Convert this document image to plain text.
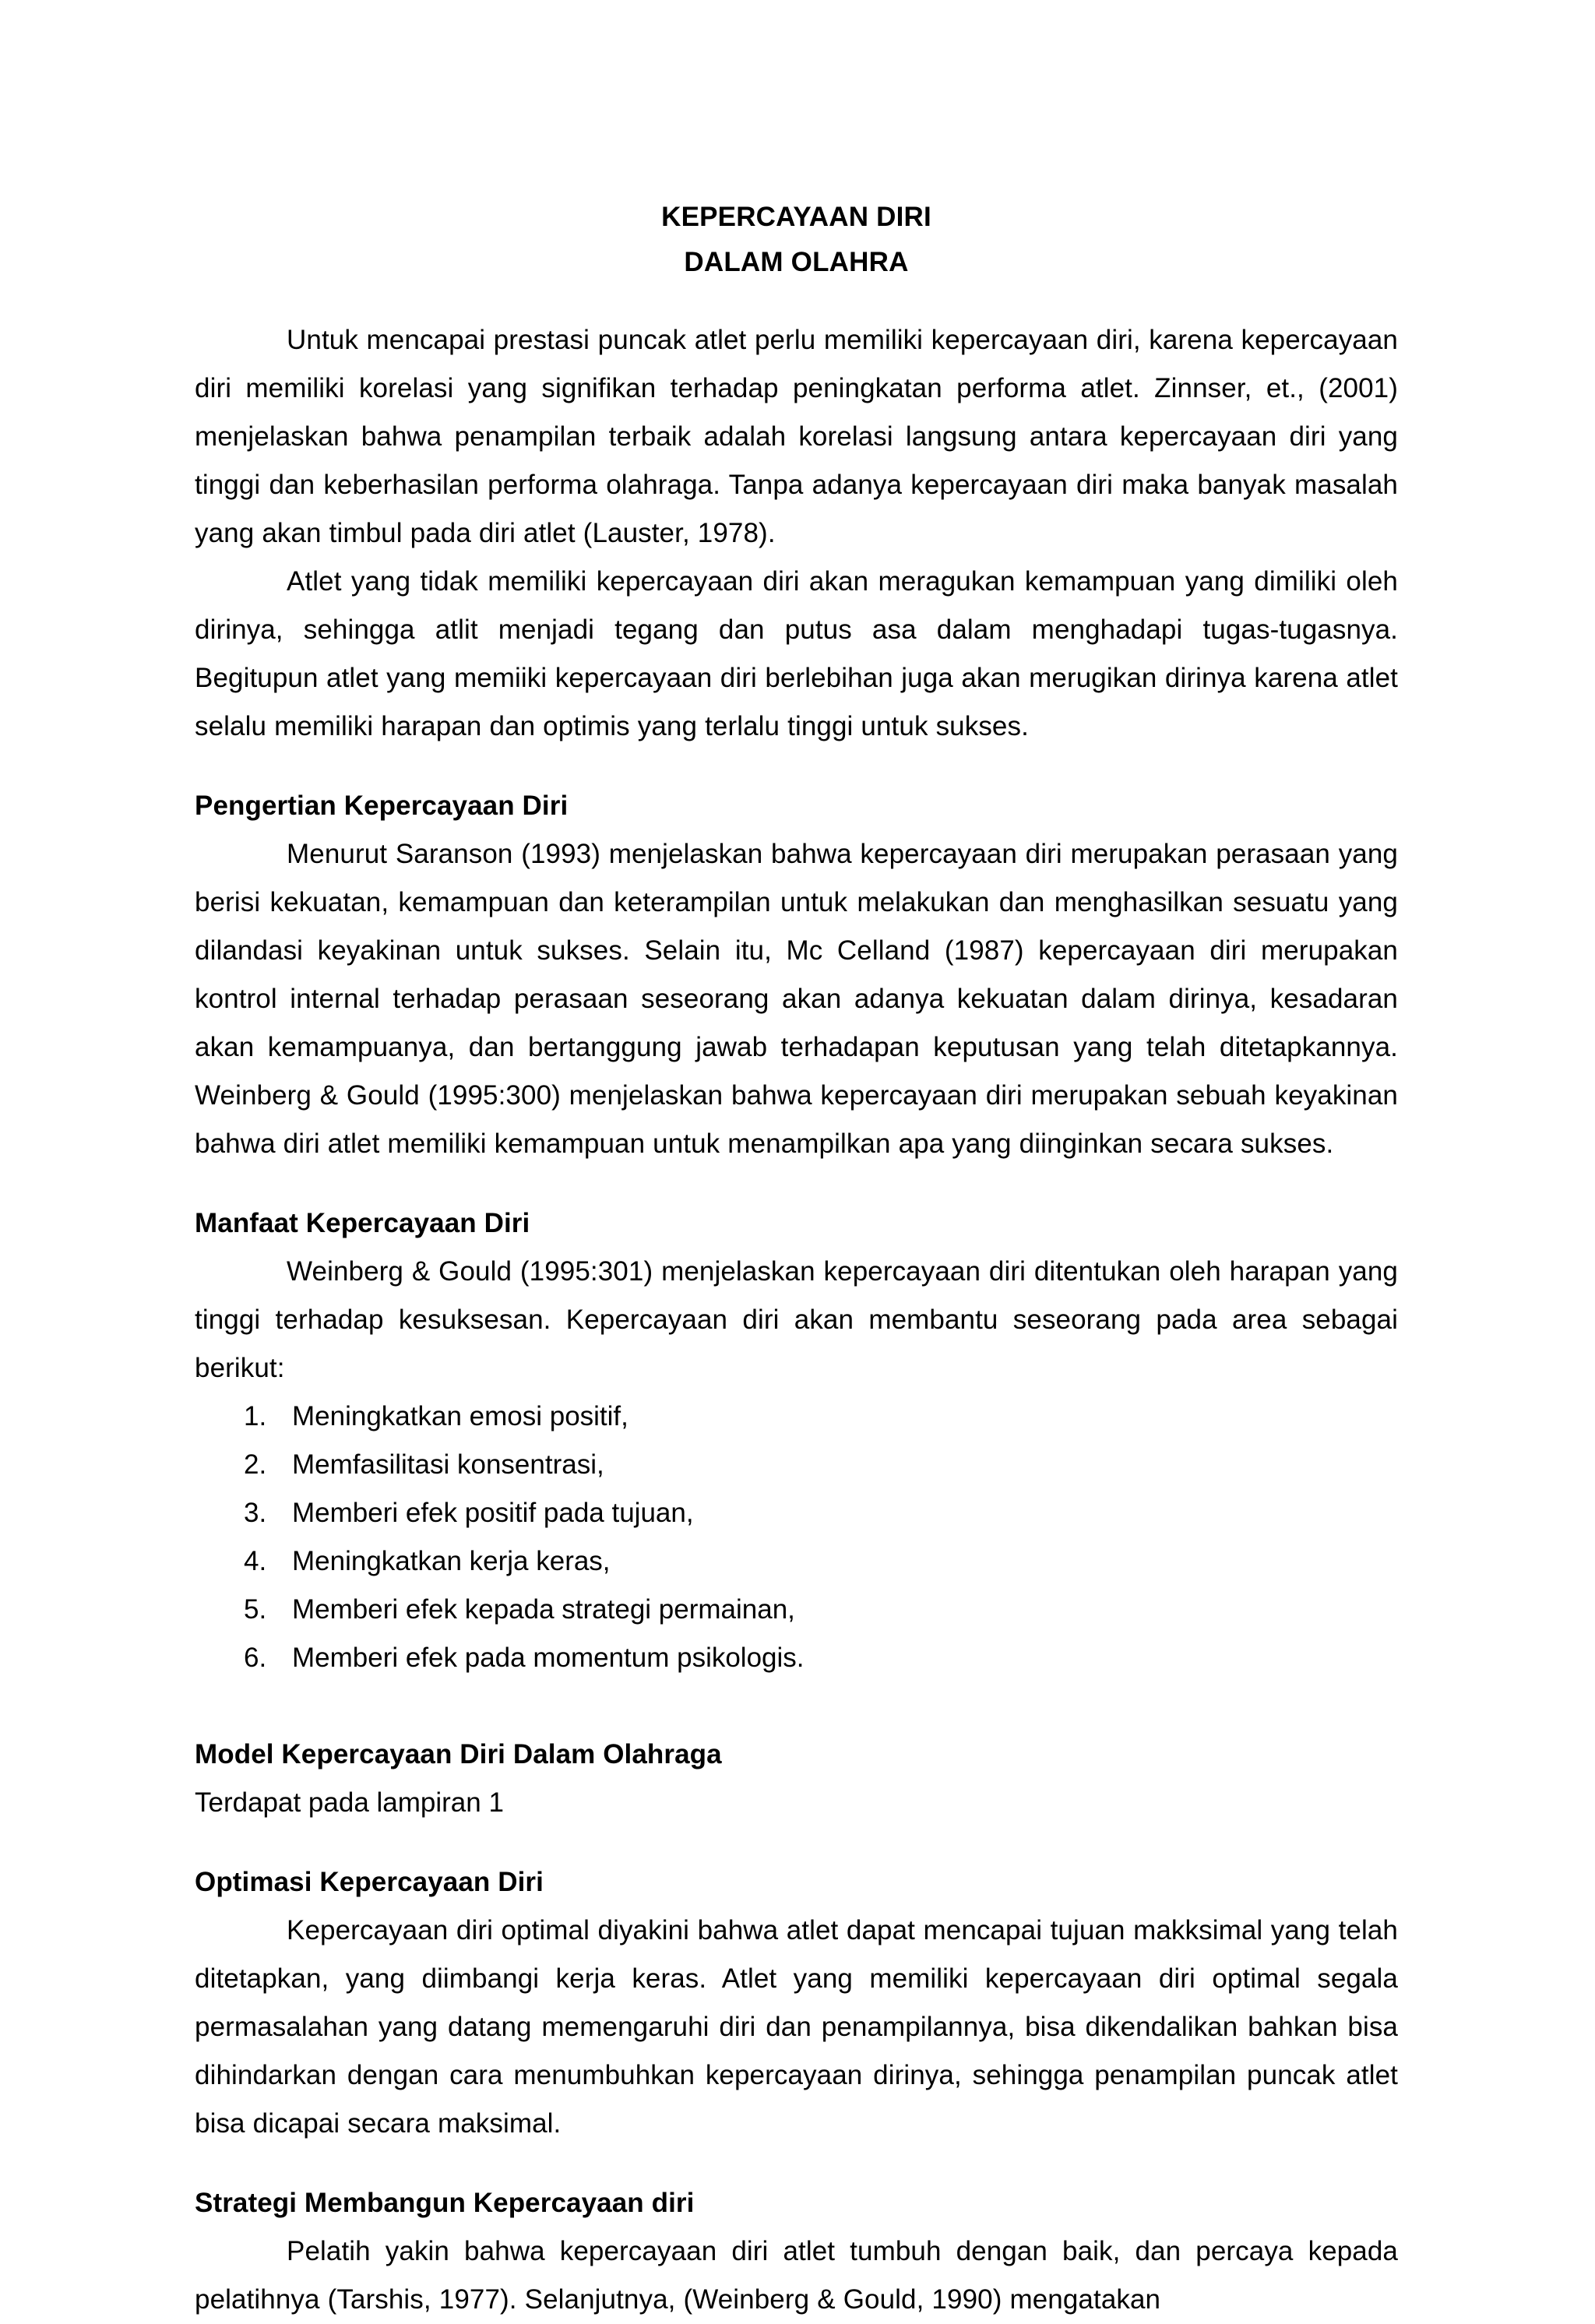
KEPERCAYAAN DIRI
DALAM OLAHRA

Untuk mencapai prestasi puncak atlet perlu memiliki kepercayaan diri, karena kepercayaan diri memiliki korelasi yang signifikan terhadap peningkatan performa atlet. Zinnser, et., (2001) menjelaskan bahwa penampilan terbaik adalah korelasi langsung antara kepercayaan diri yang tinggi dan keberhasilan performa olahraga. Tanpa adanya kepercayaan diri maka banyak masalah yang akan timbul pada diri atlet (Lauster, 1978).

Atlet yang tidak memiliki kepercayaan diri akan meragukan kemampuan yang dimiliki oleh dirinya, sehingga atlit menjadi tegang dan putus asa dalam menghadapi tugas-tugasnya. Begitupun atlet yang memiiki kepercayaan diri berlebihan juga akan merugikan dirinya karena atlet selalu memiliki harapan dan optimis yang terlalu tinggi untuk sukses.

Pengertian Kepercayaan Diri

Menurut Saranson (1993) menjelaskan bahwa kepercayaan diri merupakan perasaan yang berisi kekuatan, kemampuan dan keterampilan untuk melakukan dan menghasilkan sesuatu yang dilandasi keyakinan untuk sukses. Selain itu, Mc Celland (1987) kepercayaan diri merupakan kontrol internal terhadap perasaan seseorang akan adanya kekuatan dalam dirinya, kesadaran akan kemampuanya, dan bertanggung jawab terhadapan keputusan yang telah ditetapkannya. Weinberg & Gould (1995:300) menjelaskan bahwa kepercayaan diri merupakan sebuah keyakinan bahwa diri atlet memiliki kemampuan untuk menampilkan apa yang diinginkan secara sukses.

Manfaat Kepercayaan Diri

Weinberg & Gould (1995:301) menjelaskan kepercayaan diri ditentukan oleh harapan yang tinggi terhadap kesuksesan. Kepercayaan diri akan membantu seseorang pada area sebagai berikut:

1. Meningkatkan emosi positif,
2. Memfasilitasi konsentrasi,
3. Memberi efek positif pada tujuan,
4. Meningkatkan kerja keras,
5. Memberi efek kepada strategi permainan,
6. Memberi efek pada momentum psikologis.
Model Kepercayaan Diri Dalam Olahraga

Terdapat pada lampiran 1

Optimasi Kepercayaan Diri

Kepercayaan diri optimal diyakini bahwa atlet dapat mencapai tujuan makksimal yang telah ditetapkan, yang diimbangi kerja keras. Atlet yang memiliki kepercayaan diri optimal segala permasalahan yang datang memengaruhi diri dan penampilannya, bisa dikendalikan bahkan bisa dihindarkan dengan cara menumbuhkan kepercayaan dirinya, sehingga penampilan puncak atlet bisa dicapai secara maksimal.

Strategi Membangun Kepercayaan diri

Pelatih yakin bahwa kepercayaan diri atlet tumbuh dengan baik, dan percaya kepada pelatihnya (Tarshis, 1977). Selanjutnya, (Weinberg & Gould, 1990) mengatakan
